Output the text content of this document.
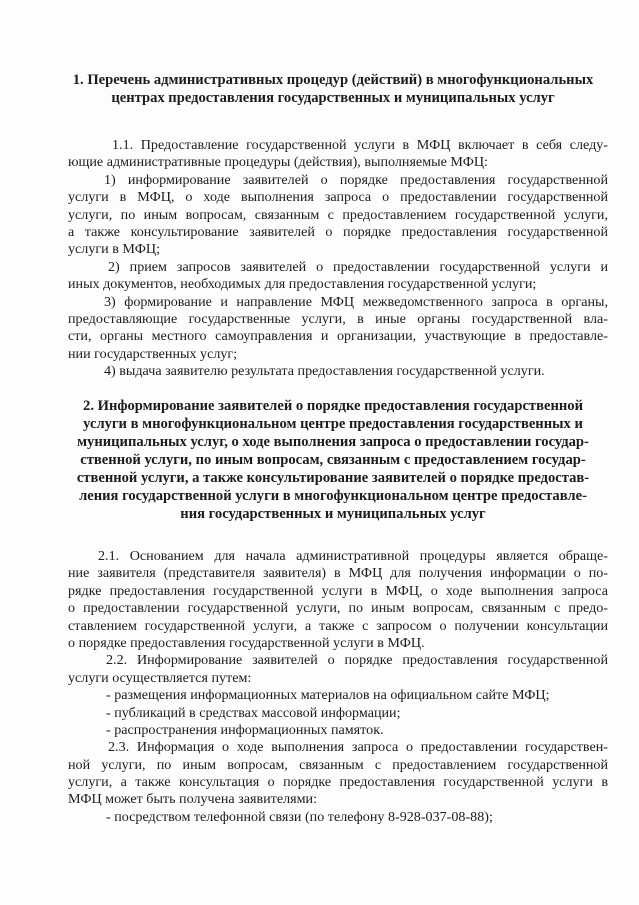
1. Перечень административных процедур (действий) в многофункциональных
центрах предоставления государственных и муниципальных услуг
1.1. Предоставление государственной услуги в МФЦ включает в себя следу-
ющие административные процедуры (действия), выполняемые МФЦ:
1) информирование заявителей о порядке предоставления государственной
услуги в МФЦ, о ходе выполнения запроса о предоставлении государственной
услуги, по иным вопросам, связанным с предоставлением государственной услуги,
а также консультирование заявителей о порядке предоставления государственной
услуги в МФЦ;
2) прием запросов заявителей о предоставлении государственной услуги и
иных документов, необходимых для предоставления государственной услуги;
3) формирование и направление МФЦ межведомственного запроса в органы,
предоставляющие государственные услуги, в иные органы государственной вла-
сти, органы местного самоуправления и организации, участвующие в предоставле-
нии государственных услуг;
4) выдача заявителю результата предоставления государственной услуги.
2. Информирование заявителей о порядке предоставления государственной
услуги в многофункциональном центре предоставления государственных и
муниципальных услуг, о ходе выполнения запроса о предоставлении государ-
ственной услуги, по иным вопросам, связанным с предоставлением государ-
ственной услуги, а также консультирование заявителей о порядке предостав-
ления государственной услуги в многофункциональном центре предоставле-
ния государственных и муниципальных услуг
2.1. Основанием для начала административной процедуры является обраще-
ние заявителя (представителя заявителя) в МФЦ для получения информации о по-
рядке предоставления государственной услуги в МФЦ, о ходе выполнения запроса
о предоставлении государственной услуги, по иным вопросам, связанным с предо-
ставлением государственной услуги, а также с запросом о получении консультации
о порядке предоставления государственной услуги в МФЦ.
2.2. Информирование заявителей о порядке предоставления государственной
услуги осуществляется путем:
- размещения информационных материалов на официальном сайте МФЦ;
- публикаций в средствах массовой информации;
- распространения информационных памяток.
2.3. Информация о ходе выполнения запроса о предоставлении государствен-
ной услуги, по иным вопросам, связанным с предоставлением государственной
услуги, а также консультация о порядке предоставления государственной услуги в
МФЦ может быть получена заявителями:
- посредством телефонной связи (по телефону 8-928-037-08-88);
